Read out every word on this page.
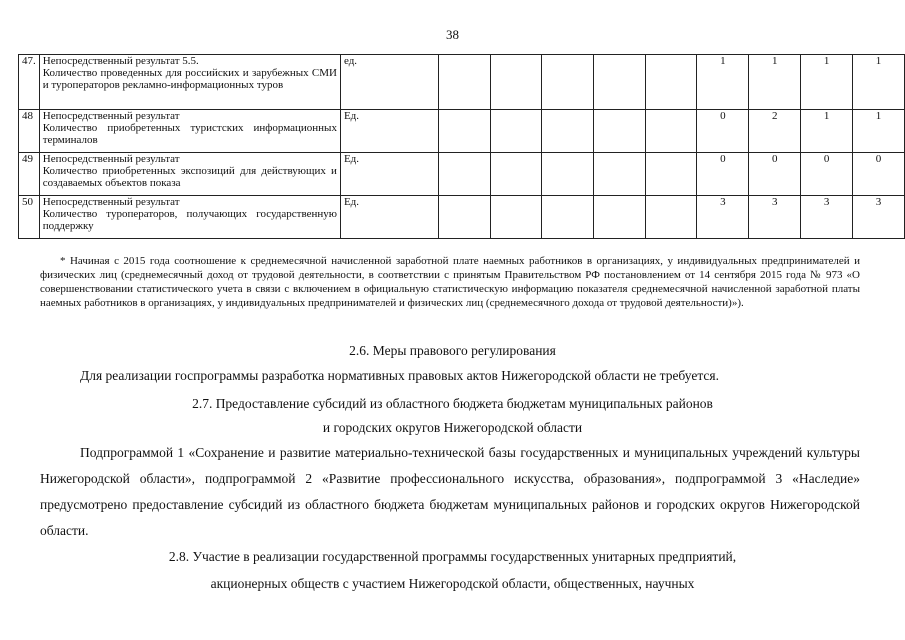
38
47.	Непосредственный результат 5.5.
Количество проведенных для российских и зарубежных СМИ и туроператоров рекламно-информационных туров	ед.						1	1	1	1
48	Непосредственный результат
Количество приобретенных туристских информационных терминалов	Ед.						0	2	1	1
49	Непосредственный результат
Количество приобретенных экспозиций для действующих и создаваемых объектов показа	Ед.						0	0	0	0
50	Непосредственный результат
Количество туроператоров, получающих государственную поддержку	Ед.						3	3	3	3
* Начиная с 2015 года соотношение к среднемесячной начисленной заработной плате наемных работников в организациях, у индивидуальных предпринимателей и физических лиц (среднемесячный доход от трудовой деятельности, в соответствии с принятым Правительством РФ постановлением от 14 сентября 2015 года № 973 «О совершенствовании статистического учета в связи с включением в официальную статистическую информацию показателя среднемесячной начисленной заработной платы наемных работников в организациях, у индивидуальных предпринимателей и физических лиц (среднемесячного дохода от трудовой деятельности)»).
2.6. Меры правового регулирования
Для реализации госпрограммы разработка нормативных правовых актов Нижегородской области не требуется.
2.7. Предоставление субсидий из областного бюджета бюджетам муниципальных районов
и городских округов Нижегородской области
Подпрограммой 1 «Сохранение и развитие материально-технической базы государственных и муниципальных учреждений культуры Нижегородской области», подпрограммой 2 «Развитие профессионального искусства, образования», подпрограммой 3 «Наследие» предусмотрено предоставление субсидий из областного бюджета бюджетам муниципальных районов и городских округов Нижегородской области.
2.8. Участие в реализации государственной программы государственных унитарных предприятий,
акционерных обществ с участием Нижегородской области, общественных, научных
